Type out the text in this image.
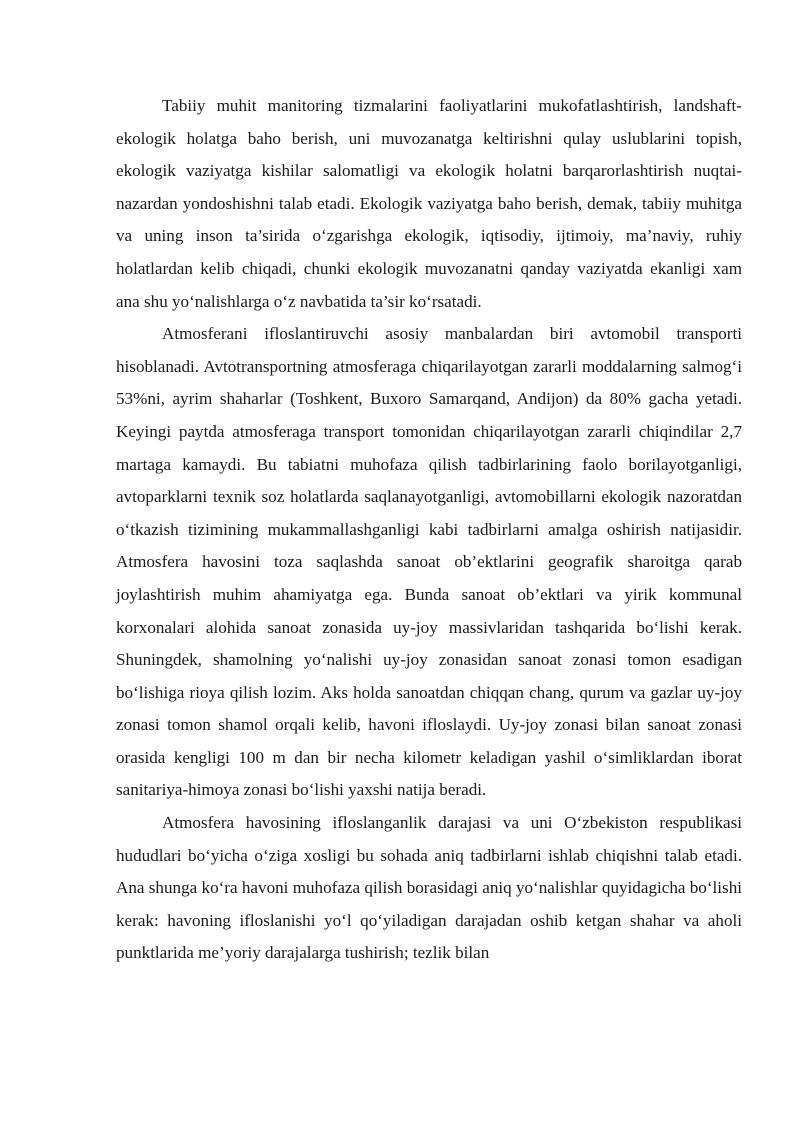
Tabiiy muhit manitoring tizmalarini faoliyatlarini mukofatlashtirish, landshaft-ekologik holatga baho berish, uni muvozanatga keltirishni qulay uslublarini topish, ekologik vaziyatga kishilar salomatligi va ekologik holatni barqarorlashtirish nuqtai-nazardan yondoshishni talab etadi. Ekologik vaziyatga baho berish, demak, tabiiy muhitga va uning inson ta’sirida o‘zgarishga ekologik, iqtisodiy, ijtimoiy, ma’naviy, ruhiy holatlardan kelib chiqadi, chunki ekologik muvozanatni qanday vaziyatda ekanligi xam ana shu yo‘nalishlarga o‘z navbatida ta’sir ko‘rsatadi.

Atmosferani ifloslantiruvchi asosiy manbalardan biri avtomobil transporti hisoblanadi. Avtotransportning atmosferaga chiqarilayotgan zararli moddalarning salmog‘i 53%ni, ayrim shaharlar (Toshkent, Buxoro Samarqand, Andijon) da 80% gacha yetadi. Keyingi paytda atmosferaga transport tomonidan chiqarilayotgan zararli chiqindilar 2,7 martaga kamaydi. Bu tabiatni muhofaza qilish tadbirlarining faolo borilayotganligi, avtoparklarni texnik soz holatlarda saqlanayotganligi, avtomobillarni ekologik nazoratdan o‘tkazish tizimining mukammallashganligi kabi tadbirlarni amalga oshirish natijasidir. Atmosfera havosini toza saqlashda sanoat ob’ektlarini geografik sharoitga qarab joylashtirish muhim ahamiyatga ega. Bunda sanoat ob’ektlari va yirik kommunal korxonalari alohida sanoat zonasida uy-joy massivlaridan tashqarida bo‘lishi kerak. Shuningdek, shamolning yo‘nalishi uy-joy zonasidan sanoat zonasi tomon esadigan bo‘lishiga rioya qilish lozim. Aks holda sanoatdan chiqqan chang, qurum va gazlar uy-joy zonasi tomon shamol orqali kelib, havoni ifloslaydi. Uy-joy zonasi bilan sanoat zonasi orasida kengligi 100 m dan bir necha kilometr keladigan yashil o‘simliklardan iborat sanitariya-himoya zonasi bo‘lishi yaxshi natija beradi.

Atmosfera havosining ifloslanganlik darajasi va uni O‘zbekiston respublikasi hududlari bo‘yicha o‘ziga xosligi bu sohada aniq tadbirlarni ishlab chiqishni talab etadi. Ana shunga ko‘ra havoni muhofaza qilish borasidagi aniq yo‘nalishlar quyidagicha bo‘lishi kerak: havoning ifloslanishi yo‘l qo‘yiladigan darajadan oshib ketgan shahar va aholi punktlarida me’yoriy darajalarga tushirish; tezlik bilan
